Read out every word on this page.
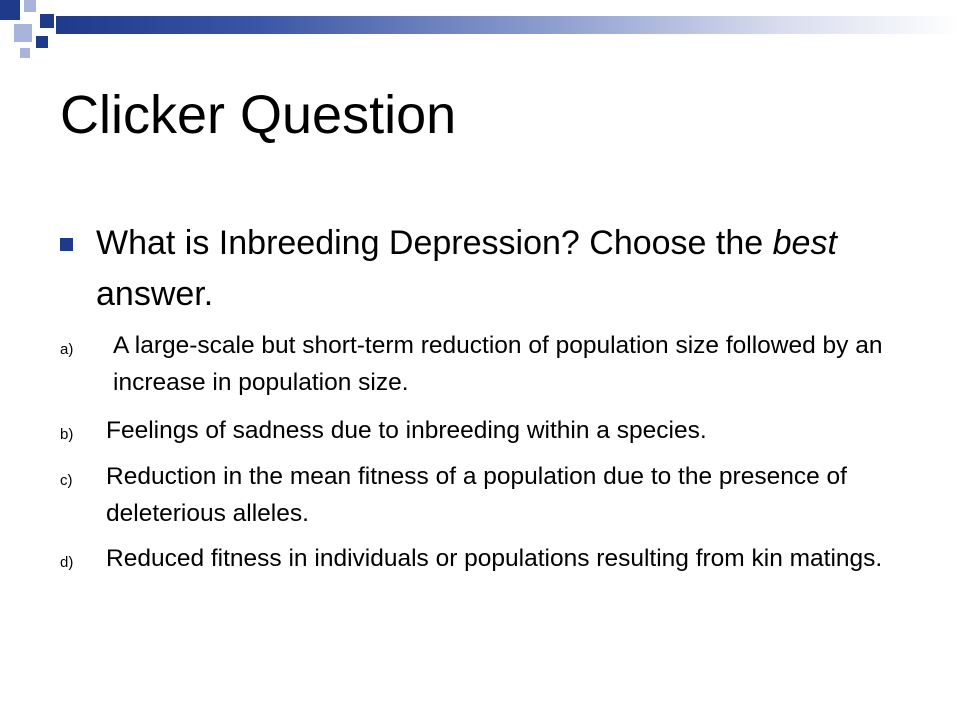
Clicker Question
What is Inbreeding Depression? Choose the best answer.
a) A large-scale but short-term reduction of population size followed by an increase in population size.
b) Feelings of sadness due to inbreeding within a species.
c) Reduction in the mean fitness of a population due to the presence of deleterious alleles.
d) Reduced fitness in individuals or populations resulting from kin matings.
